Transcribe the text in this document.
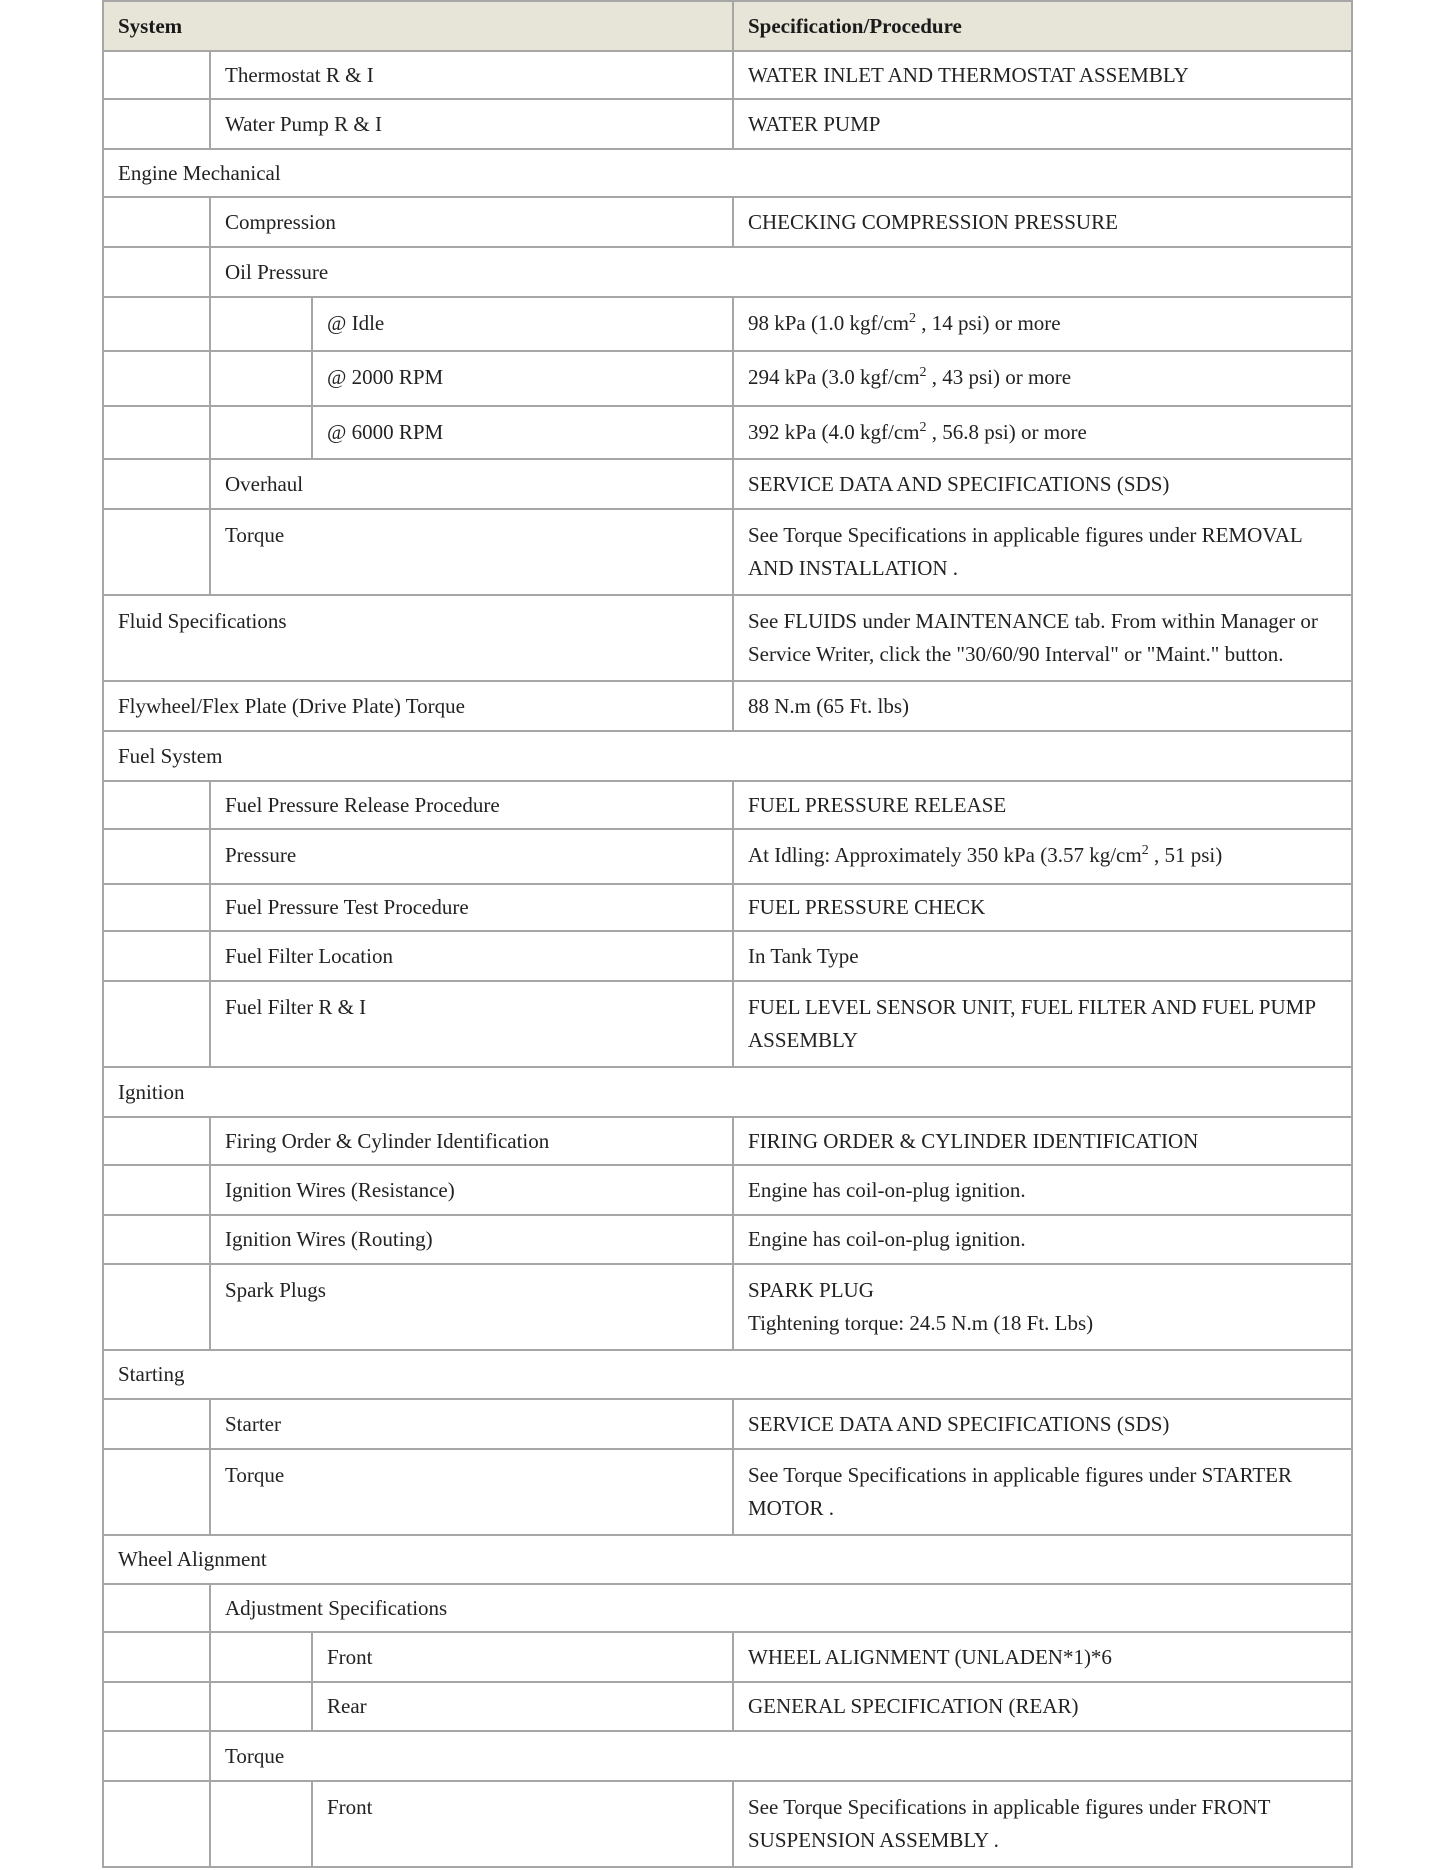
System			Specification/Procedure
	Thermostat R & I		WATER INLET AND THERMOSTAT ASSEMBLY
	Water Pump R & I		WATER PUMP
Engine Mechanical			
	Compression		CHECKING COMPRESSION PRESSURE
	Oil Pressure		
		@ Idle	98 kPa (1.0 kgf/$cm^2$ , 14 psi) or more
		@ 2000 RPM	294 kPa (3.0 kgf/$cm^2$ , 43 psi) or more
		@ 6000 RPM	392 kPa (4.0 kgf/$cm^2$ , 56.8 psi) or more
	Overhaul		SERVICE DATA AND SPECIFICATIONS (SDS)
	Torque		See Torque Specifications in applicable figures under REMOVAL
AND INSTALLATION .

Fluid Specifications			See FLUIDS under MAINTENANCE tab. From within Manager or
Service Writer, click the "30/60/90 Interval" or "Maint." button.

Flywheel/Flex Plate (Drive Plate) Torque			88 N.m (65 Ft. lbs)
Fuel System			
	Fuel Pressure Release Procedure		FUEL PRESSURE RELEASE
	Pressure		At Idling: Approximately 350 kPa (3.57 $kg/cm^2$ , 51 psi)
	Fuel Pressure Test Procedure		FUEL PRESSURE CHECK
	Fuel Filter Location		In Tank Type
	Fuel Filter R & I		FUEL LEVEL SENSOR UNIT, FUEL FILTER AND FUEL PUMP
ASSEMBLY

Ignition			
	Firing Order & Cylinder Identification		FIRING ORDER & CYLINDER IDENTIFICATION
	Ignition Wires (Resistance)		Engine has coil-on-plug ignition.
	Ignition Wires (Routing)		Engine has coil-on-plug ignition.
	Spark Plugs		SPARK PLUG
Tightening torque: 24.5 N.m (18 Ft. Lbs)

Starting			
	Starter		SERVICE DATA AND SPECIFICATIONS (SDS)
	Torque		See Torque Specifications in applicable figures under STARTER
MOTOR .

Wheel Alignment			
	Adjustment Specifications		
		Front	WHEEL ALIGNMENT (UNLADEN*1)*6
		Rear	GENERAL SPECIFICATION (REAR)
	Torque		
		Front	See Torque Specifications in applicable figures under FRONT
SUSPENSION ASSEMBLY .
